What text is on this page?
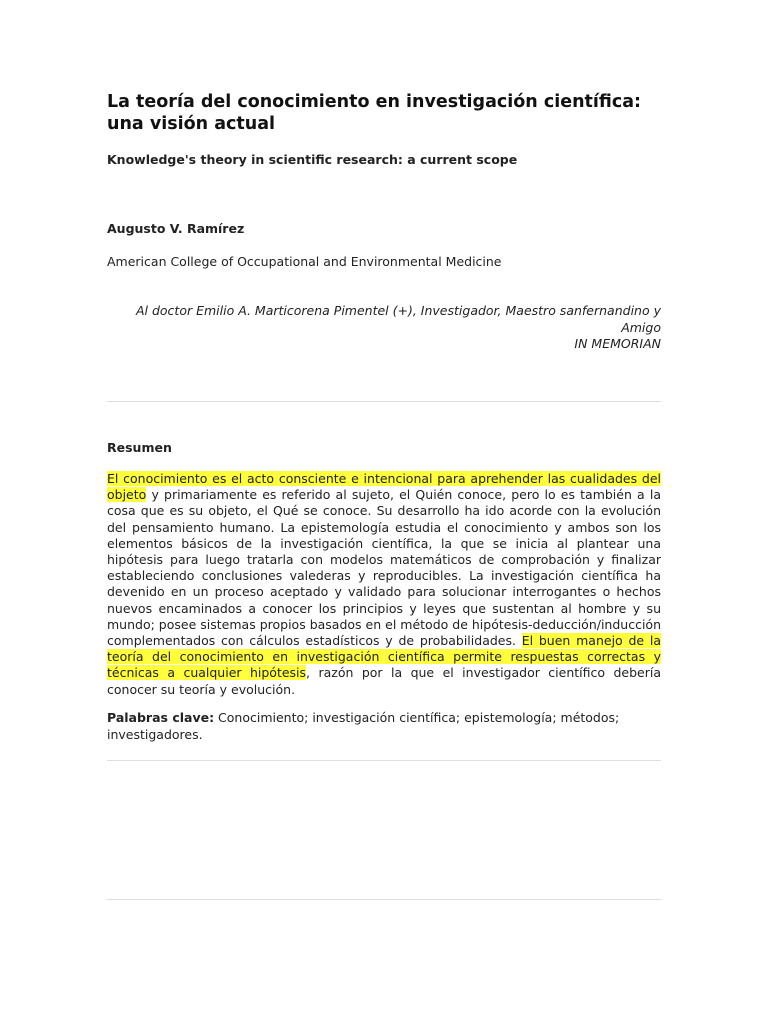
La teoría del conocimiento en investigación científica: una visión actual
Knowledge's theory in scientific research: a current scope
Augusto V. Ramírez
American College of Occupational and Environmental Medicine
Al doctor Emilio A. Marticorena Pimentel (+), Investigador, Maestro sanfernandino y
Amigo
IN MEMORIAN
Resumen

El conocimiento es el acto consciente e intencional para aprehender las cualidades del objeto y primariamente es referido al sujeto, el Quién conoce, pero lo es también a la cosa que es su objeto, el Qué se conoce. Su desarrollo ha ido acorde con la evolución del pensamiento humano. La epistemología estudia el conocimiento y ambos son los elementos básicos de la investigación científica, la que se inicia al plantear una hipótesis para luego tratarla con modelos matemáticos de comprobación y finalizar estableciendo conclusiones valederas y reproducibles. La investigación científica ha devenido en un proceso aceptado y validado para solucionar interrogantes o hechos nuevos encaminados a conocer los principios y leyes que sustentan al hombre y su mundo; posee sistemas propios basados en el método de hipótesis-deducción/inducción complementados con cálculos estadísticos y de probabilidades. El buen manejo de la teoría del conocimiento en investigación científica permite respuestas correctas y técnicas a cualquier hipótesis, razón por la que el investigador científico debería conocer su teoría y evolución.

Palabras clave: Conocimiento; investigación científica; epistemología; métodos; investigadores.
